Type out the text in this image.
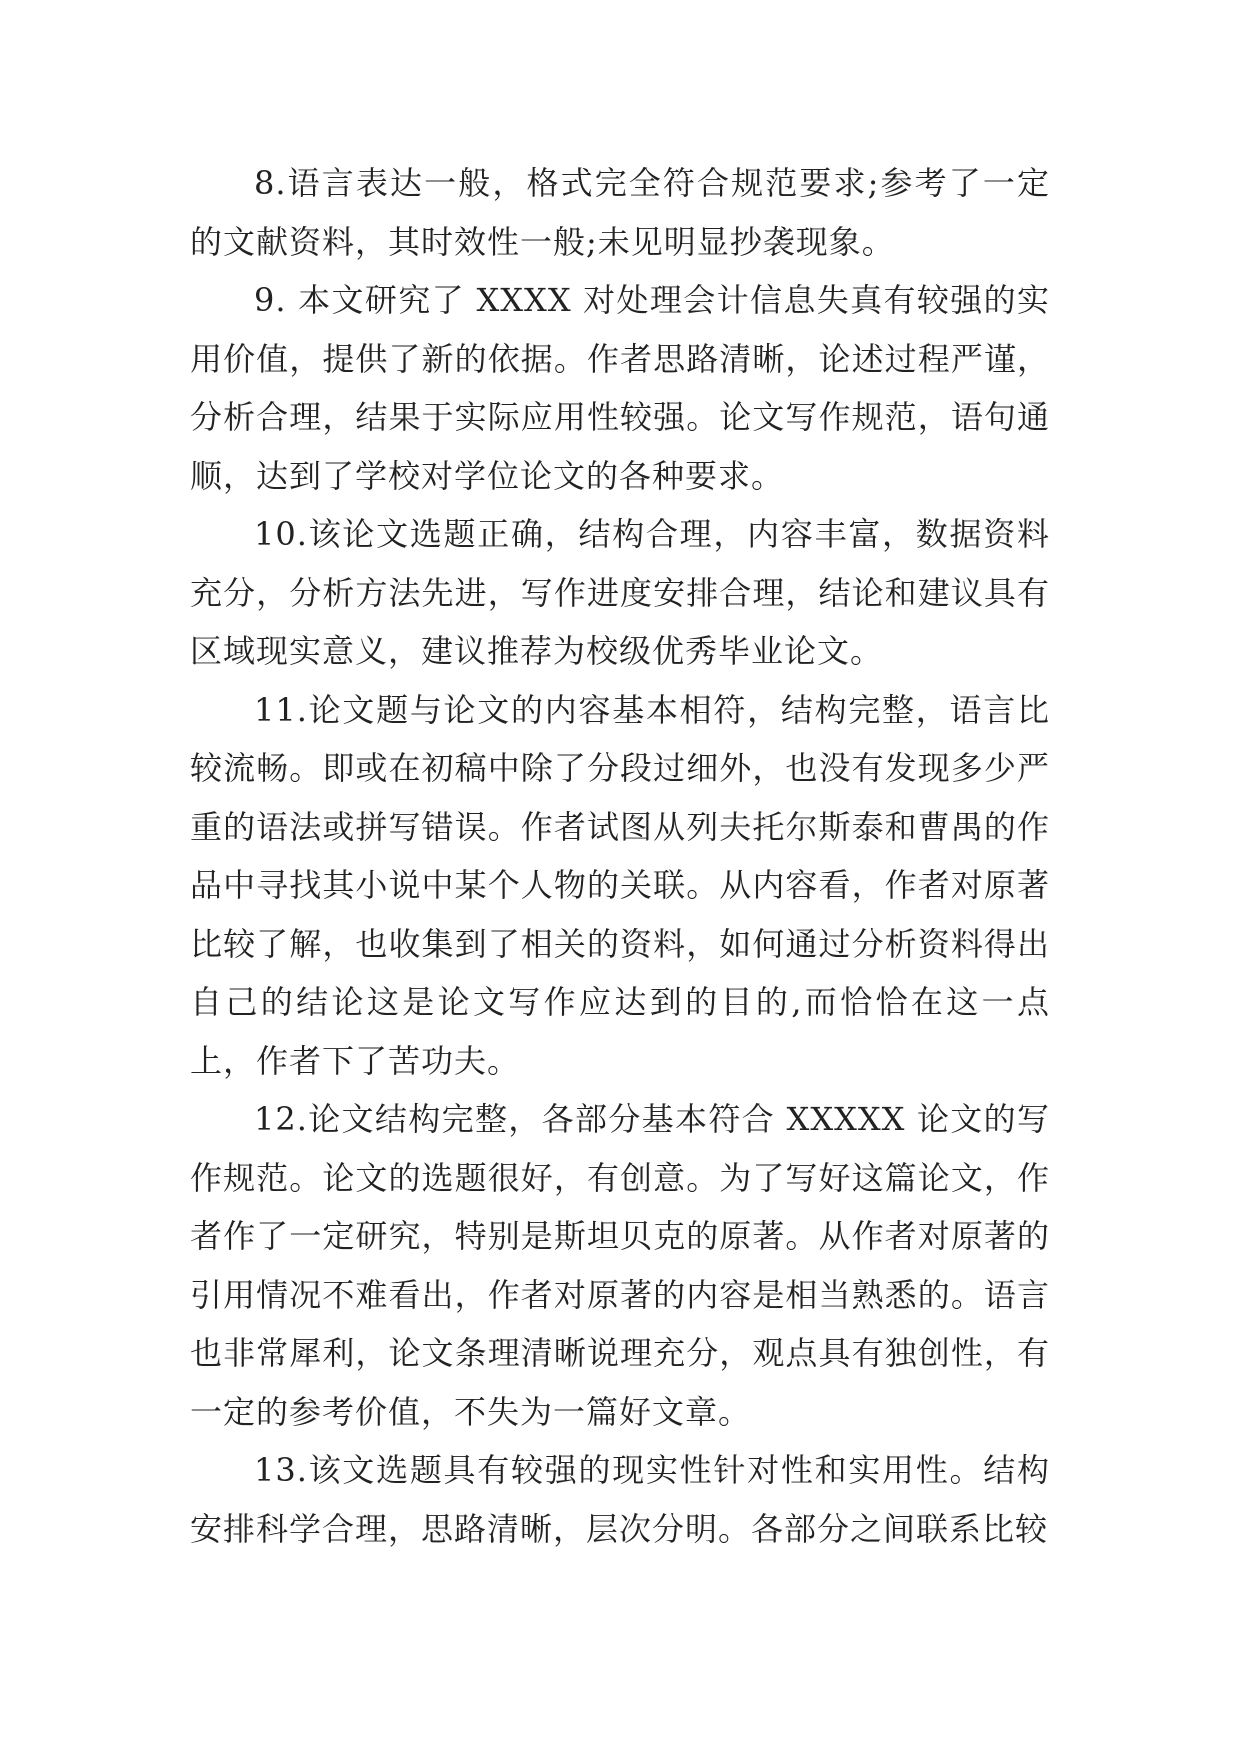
8.语言表达一般，格式完全符合规范要求;参考了一定的文献资料，其时效性一般;未见明显抄袭现象。

9. 本文研究了 XXXX 对处理会计信息失真有较强的实用价值，提供了新的依据。作者思路清晰，论述过程严谨，分析合理，结果于实际应用性较强。论文写作规范，语句通顺，达到了学校对学位论文的各种要求。

10.该论文选题正确，结构合理，内容丰富，数据资料充分，分析方法先进，写作进度安排合理，结论和建议具有区域现实意义，建议推荐为校级优秀毕业论文。

11.论文题与论文的内容基本相符，结构完整，语言比较流畅。即或在初稿中除了分段过细外，也没有发现多少严重的语法或拼写错误。作者试图从列夫托尔斯泰和曹禺的作品中寻找其小说中某个人物的关联。从内容看，作者对原著比较了解，也收集到了相关的资料，如何通过分析资料得出自己的结论这是论文写作应达到的目的,而恰恰在这一点上，作者下了苦功夫。

12.论文结构完整，各部分基本符合 XXXXX 论文的写作规范。论文的选题很好，有创意。为了写好这篇论文，作者作了一定研究，特别是斯坦贝克的原著。从作者对原著的引用情况不难看出，作者对原著的内容是相当熟悉的。语言也非常犀利，论文条理清晰说理充分，观点具有独创性，有一定的参考价值，不失为一篇好文章。

13.该文选题具有较强的现实性针对性和实用性。结构安排科学合理，思路清晰，层次分明。各部分之间联系比较
